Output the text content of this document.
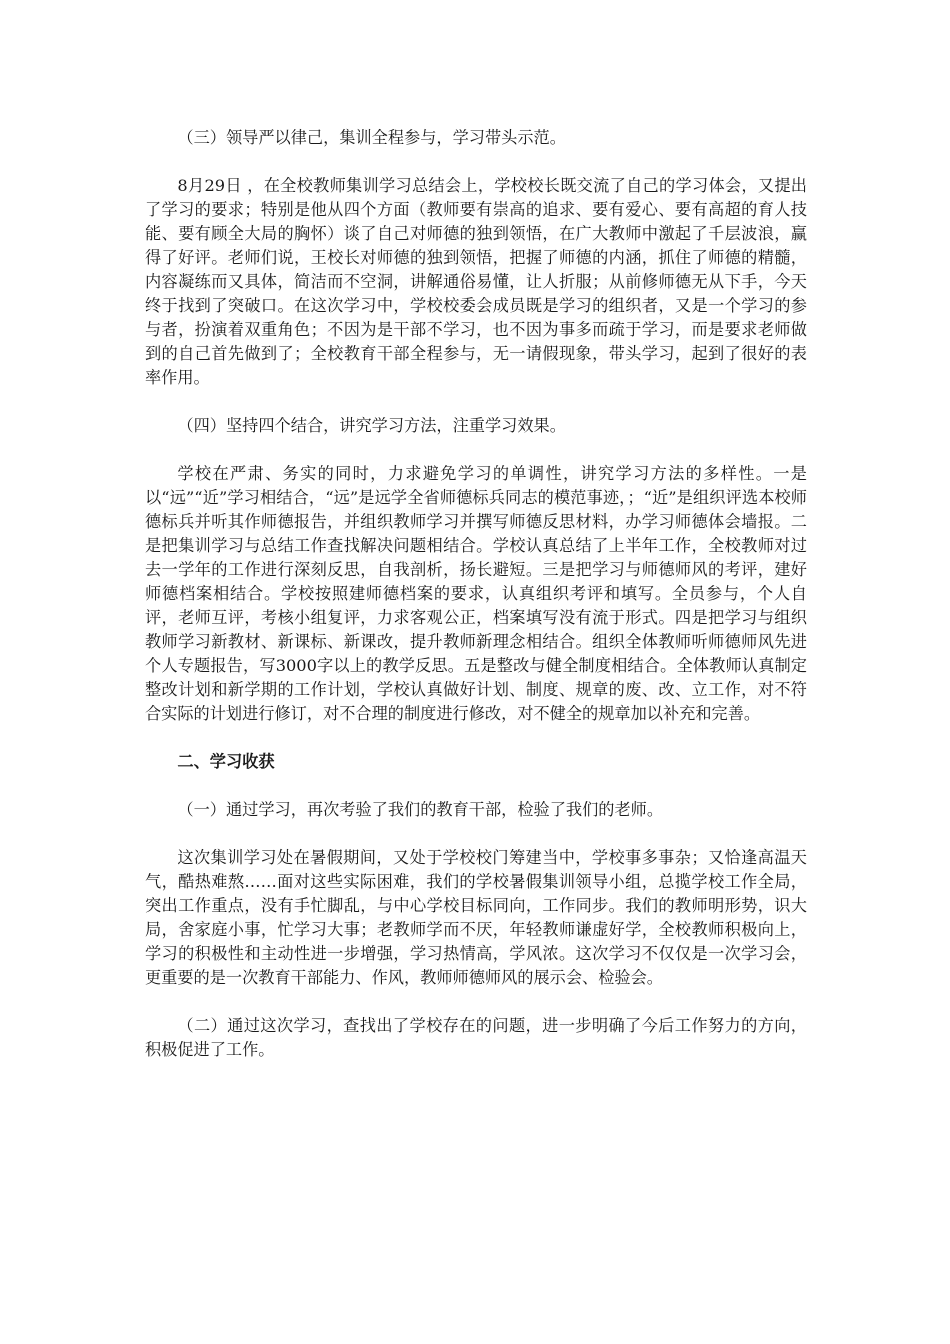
（三）领导严以律己，集训全程参与，学习带头示范。

8月29日 ，在全校教师集训学习总结会上，学校校长既交流了自己的学习体会，又提出了学习的要求；特别是他从四个方面（教师要有崇高的追求、要有爱心、要有高超的育人技能、要有顾全大局的胸怀）谈了自己对师德的独到领悟，在广大教师中激起了千层波浪，赢得了好评。老师们说，王校长对师德的独到领悟，把握了师德的内涵，抓住了师德的精髓，内容凝练而又具体，简洁而不空洞，讲解通俗易懂，让人折服；从前修师德无从下手，今天终于找到了突破口。在这次学习中，学校校委会成员既是学习的组织者，又是一个学习的参与者，扮演着双重角色；不因为是干部不学习，也不因为事多而疏于学习，而是要求老师做到的自己首先做到了；全校教育干部全程参与，无一请假现象，带头学习，起到了很好的表率作用。

（四）坚持四个结合，讲究学习方法，注重学习效果。

学校在严肃、务实的同时，力求避免学习的单调性，讲究学习方法的多样性。一是以“远”“近”学习相结合，“远”是远学全省师德标兵同志的模范事迹，；“近”是组织评选本校师德标兵并听其作师德报告，并组织教师学习并撰写师德反思材料，办学习师德体会墙报。二是把集训学习与总结工作查找解决问题相结合。学校认真总结了上半年工作，全校教师对过去一学年的工作进行深刻反思，自我剖析，扬长避短。三是把学习与师德师风的考评，建好师德档案相结合。学校按照建师德档案的要求，认真组织考评和填写。全员参与，个人自评，老师互评，考核小组复评，力求客观公正，档案填写没有流于形式。四是把学习与组织教师学习新教材、新课标、新课改，提升教师新理念相结合。组织全体教师听师德师风先进个人专题报告，写3000字以上的教学反思。五是整改与健全制度相结合。全体教师认真制定整改计划和新学期的工作计划，学校认真做好计划、制度、规章的废、改、立工作，对不符合实际的计划进行修订，对不合理的制度进行修改，对不健全的规章加以补充和完善。

二、学习收获

（一）通过学习，再次考验了我们的教育干部，检验了我们的老师。

这次集训学习处在暑假期间，又处于学校校门筹建当中，学校事多事杂；又恰逢高温天气，酷热难熬……面对这些实际困难，我们的学校暑假集训领导小组，总揽学校工作全局，突出工作重点，没有手忙脚乱，与中心学校目标同向，工作同步。我们的教师明形势，识大局，舍家庭小事，忙学习大事；老教师学而不厌，年轻教师谦虚好学，全校教师积极向上，学习的积极性和主动性进一步增强，学习热情高，学风浓。这次学习不仅仅是一次学习会，更重要的是一次教育干部能力、作风，教师师德师风的展示会、检验会。

（二）通过这次学习，查找出了学校存在的问题，进一步明确了今后工作努力的方向，积极促进了工作。
